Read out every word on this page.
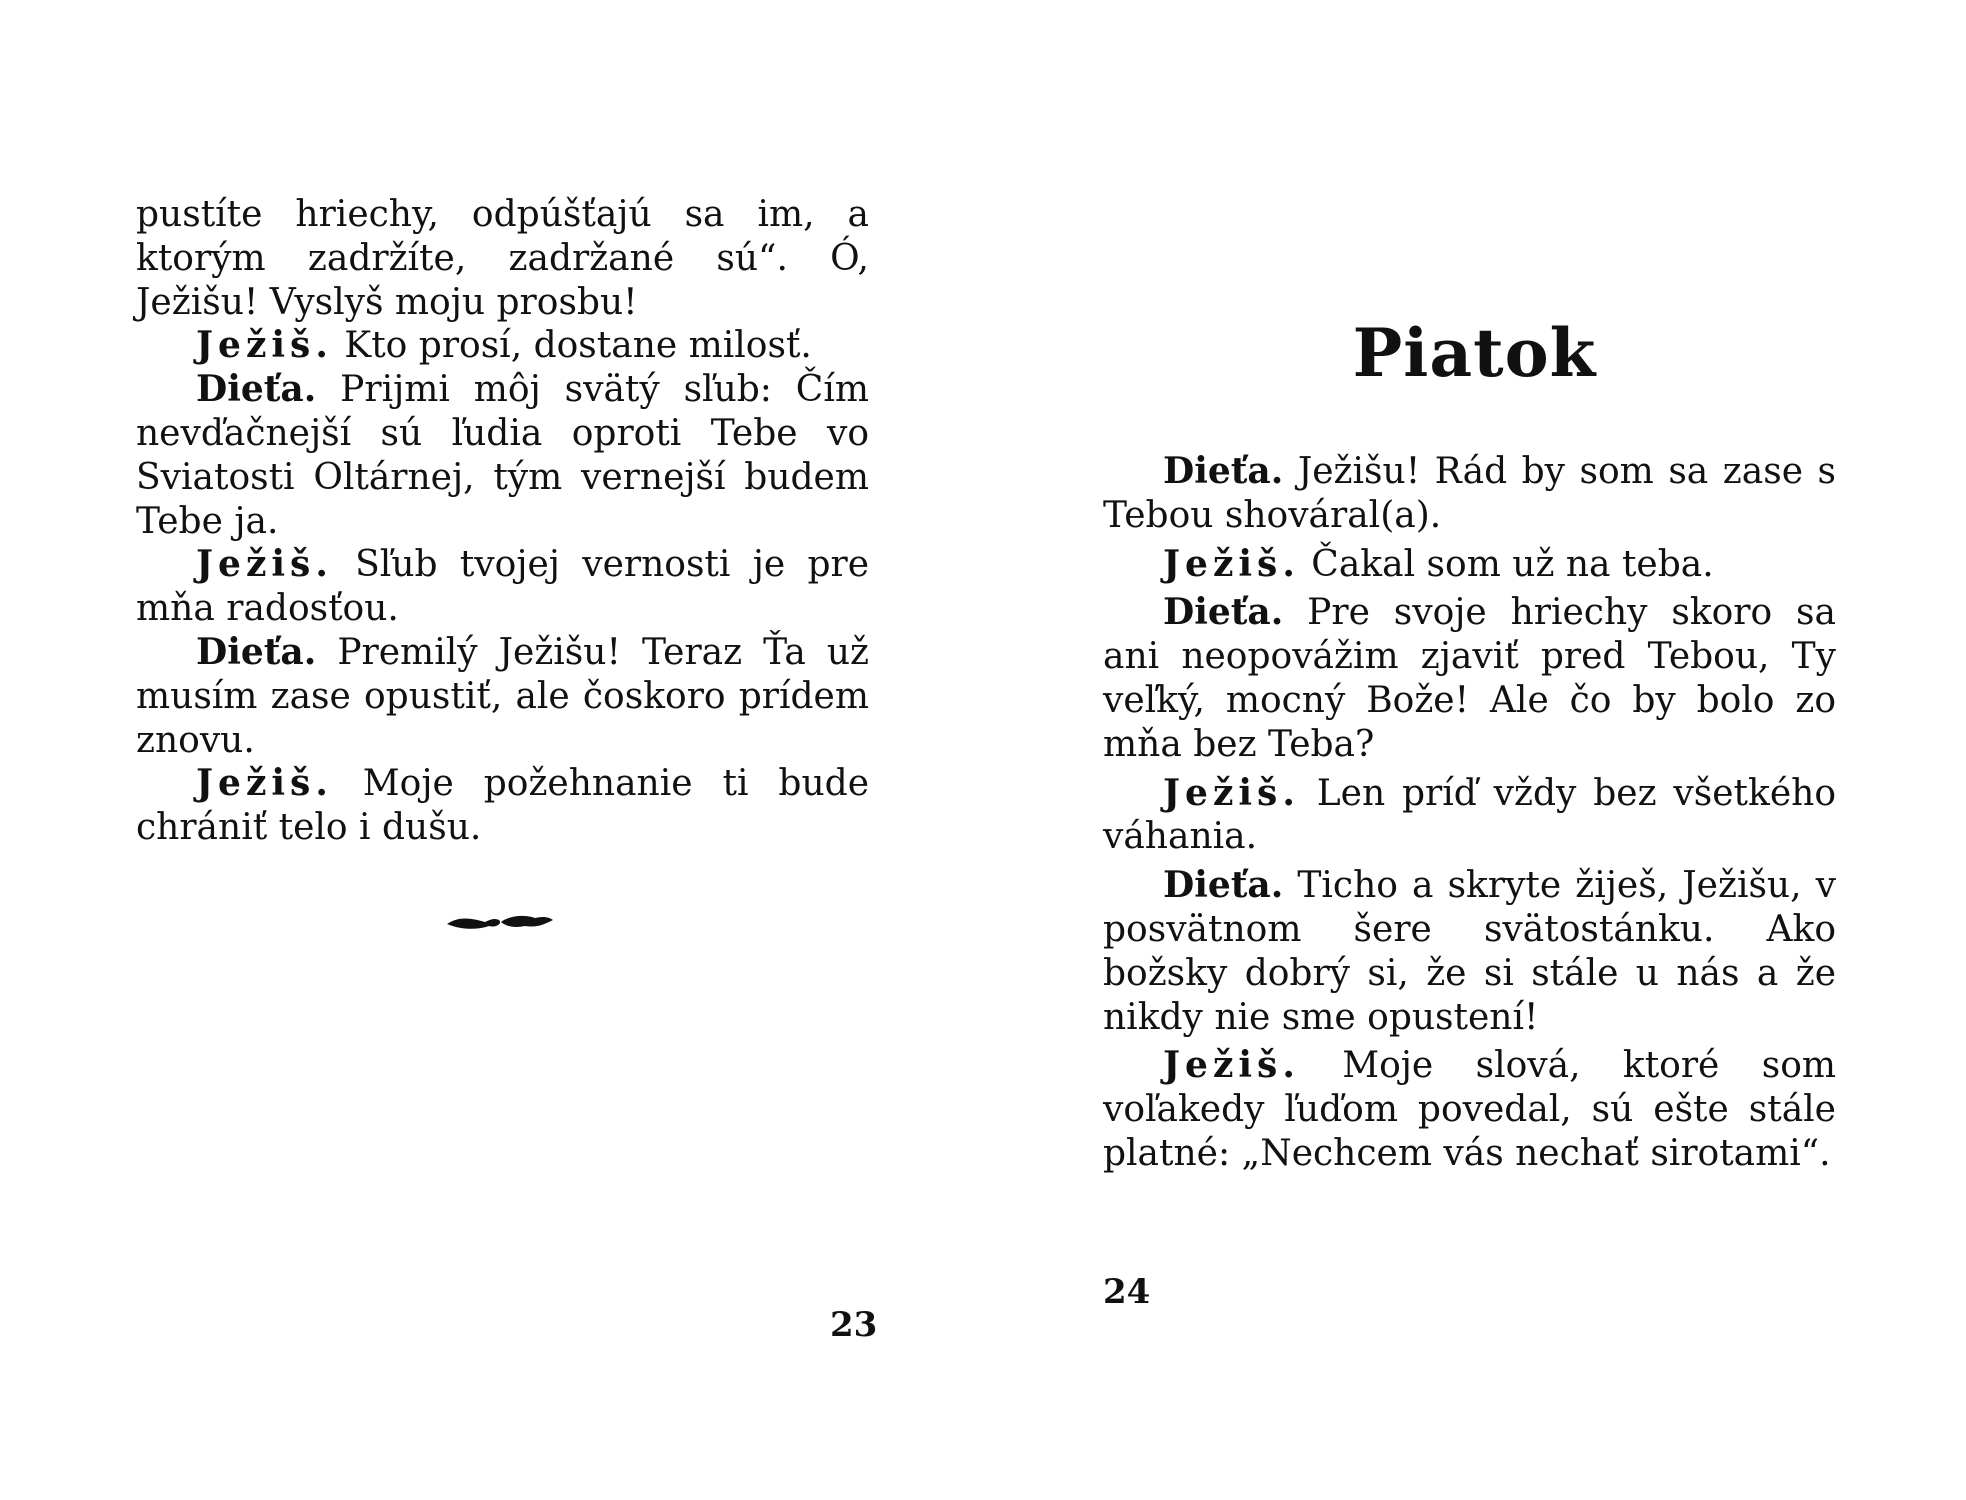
pustíte hriechy, odpúšťajú sa im, a ktorým zadržíte, zadržané sú“. Ó, Ježišu! Vyslyš moju prosbu!

Ježiš. Kto prosí, dostane milosť.

Dieťa. Prijmi môj svätý sľub: Čím nevďačnejší sú ľudia oproti Tebe vo Sviatosti Oltárnej, tým vernejší budem Tebe ja.

Ježiš. Sľub tvojej vernosti je pre mňa radosťou.

Dieťa. Premilý Ježišu! Teraz Ťa už musím zase opustiť, ale čoskoro prídem znovu.

Ježiš. Moje požehnanie ti bude chrániť telo i dušu.

23
Piatok

Dieťa. Ježišu! Rád by som sa zase s Tebou shováral(a).

Ježiš. Čakal som už na teba.

Dieťa. Pre svoje hriechy skoro sa ani neopovážim zjaviť pred Tebou, Ty veľký, mocný Bože! Ale čo by bolo zo mňa bez Teba?

Ježiš. Len príď vždy bez všetkého váhania.

Dieťa. Ticho a skryte žiješ, Ježišu, v posvätnom šere svätostánku. Ako božsky dobrý si, že si stále u nás a že nikdy nie sme opustení!

Ježiš. Moje slová, ktoré som voľakedy ľuďom povedal, sú ešte stále platné: „Nechcem vás nechať sirotami“.

24
